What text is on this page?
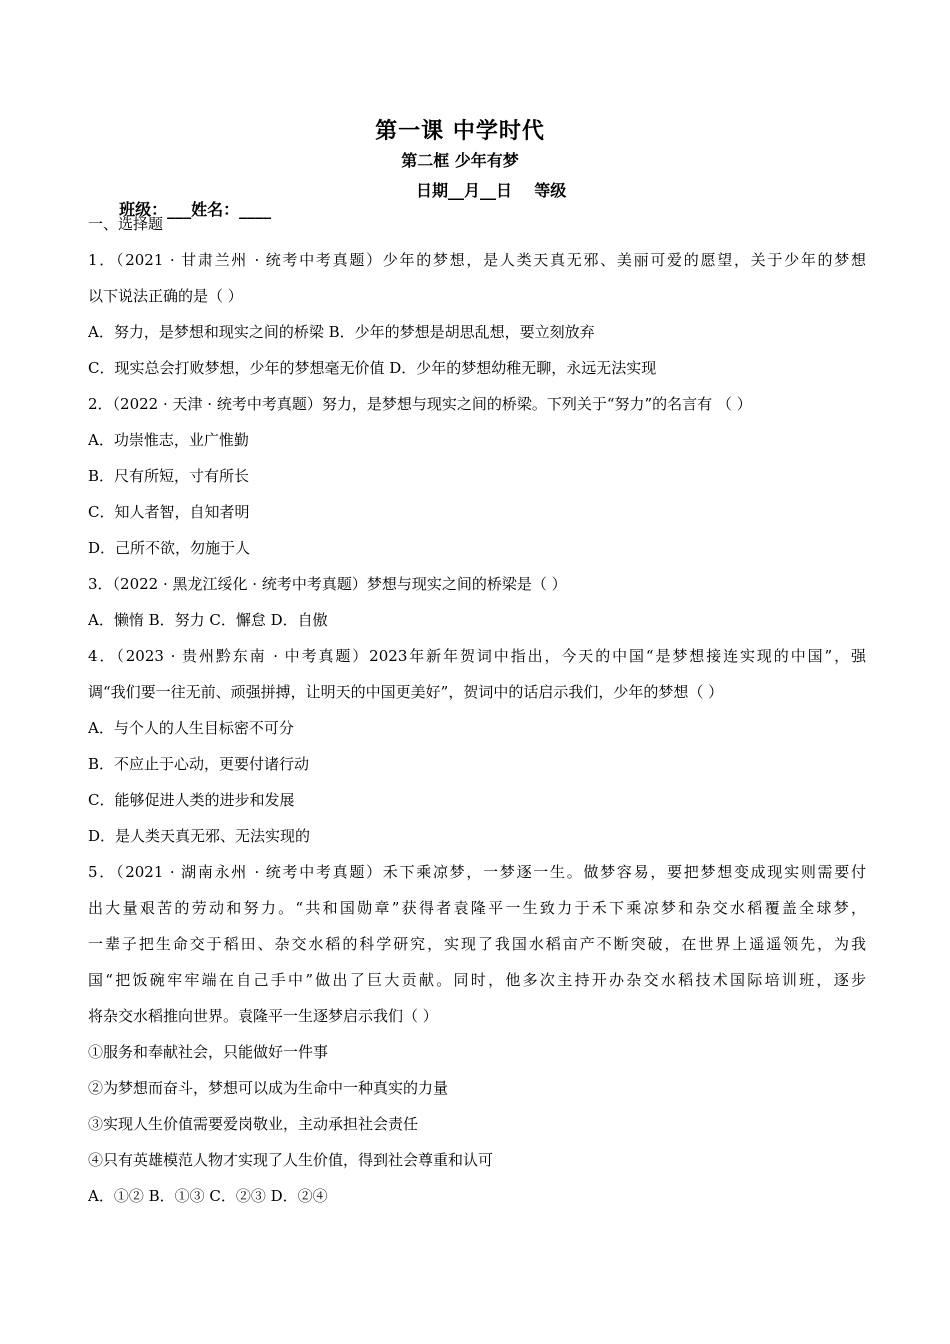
第一课 中学时代
第二框 少年有梦

班级：___姓名：____

日期__月__日    等级

一、选择题
1．（2021 · 甘肃兰州 · 统考中考真题）少年的梦想，是人类天真无邪、美丽可爱的愿望，关于少年的梦想
以下说法正确的是（ ）
A．努力，是梦想和现实之间的桥梁 B．少年的梦想是胡思乱想，要立刻放弃
C．现实总会打败梦想，少年的梦想毫无价值 D．少年的梦想幼稚无聊，永远无法实现
2．（2022 · 天津 · 统考中考真题）努力，是梦想与现实之间的桥梁。下列关于“努力”的名言有 （ ）
A．功崇惟志，业广惟勤
B．尺有所短，寸有所长
C．知人者智，自知者明
D．己所不欲，勿施于人
3．（2022 · 黑龙江绥化 · 统考中考真题）梦想与现实之间的桥梁是（ ）
A．懒惰 B．努力 C．懈怠 D．自傲
4．（2023 · 贵州黔东南 · 中考真题）2023年新年贺词中指出，今天的中国“是梦想接连实现的中国”，强
调“我们要一往无前、顽强拼搏，让明天的中国更美好”，贺词中的话启示我们，少年的梦想（ ）
A．与个人的人生目标密不可分
B．不应止于心动，更要付诸行动
C．能够促进人类的进步和发展
D．是人类天真无邪、无法实现的
5．（2021 · 湖南永州 · 统考中考真题）禾下乘凉梦，一梦逐一生。做梦容易，要把梦想变成现实则需要付
出大量艰苦的劳动和努力。“共和国勋章”获得者袁隆平一生致力于禾下乘凉梦和杂交水稻覆盖全球梦，
一辈子把生命交于稻田、杂交水稻的科学研究，实现了我国水稻亩产不断突破，在世界上遥遥领先，为我
国“把饭碗牢牢端在自己手中”做出了巨大贡献。同时，他多次主持开办杂交水稻技术国际培训班，逐步
将杂交水稻推向世界。袁隆平一生逐梦启示我们（ ）
①服务和奉献社会，只能做好一件事
②为梦想而奋斗，梦想可以成为生命中一种真实的力量
③实现人生价值需要爱岗敬业，主动承担社会责任
④只有英雄模范人物才实现了人生价值，得到社会尊重和认可
A．①② B．①③ C．②③ D．②④
